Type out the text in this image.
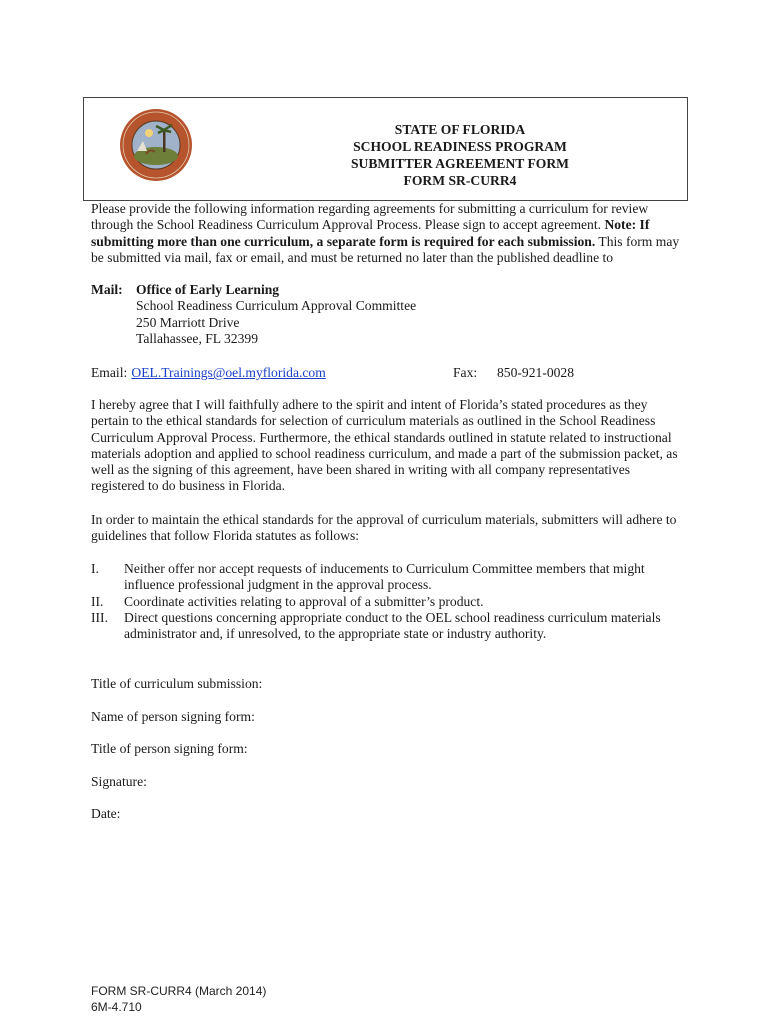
STATE OF FLORIDA
SCHOOL READINESS PROGRAM
SUBMITTER AGREEMENT FORM
FORM SR-CURR4
Please provide the following information regarding agreements for submitting a curriculum for review through the School Readiness Curriculum Approval Process. Please sign to accept agreement. Note: If submitting more than one curriculum, a separate form is required for each submission. This form may be submitted via mail, fax or email, and must be returned no later than the published deadline to
Mail: Office of Early Learning
School Readiness Curriculum Approval Committee
250 Marriott Drive
Tallahassee, FL 32399
Email: OEL.Trainings@oel.myflorida.com	Fax: 850-921-0028
I hereby agree that I will faithfully adhere to the spirit and intent of Florida’s stated procedures as they pertain to the ethical standards for selection of curriculum materials as outlined in the School Readiness Curriculum Approval Process. Furthermore, the ethical standards outlined in statute related to instructional materials adoption and applied to school readiness curriculum, and made a part of the submission packet, as well as the signing of this agreement, have been shared in writing with all company representatives registered to do business in Florida.
In order to maintain the ethical standards for the approval of curriculum materials, submitters will adhere to guidelines that follow Florida statutes as follows:
I. Neither offer nor accept requests of inducements to Curriculum Committee members that might influence professional judgment in the approval process.
II. Coordinate activities relating to approval of a submitter’s product.
III. Direct questions concerning appropriate conduct to the OEL school readiness curriculum materials administrator and, if unresolved, to the appropriate state or industry authority.
Title of curriculum submission:
Name of person signing form:
Title of person signing form:
Signature:
Date:
FORM SR-CURR4 (March 2014)
6M-4.710
